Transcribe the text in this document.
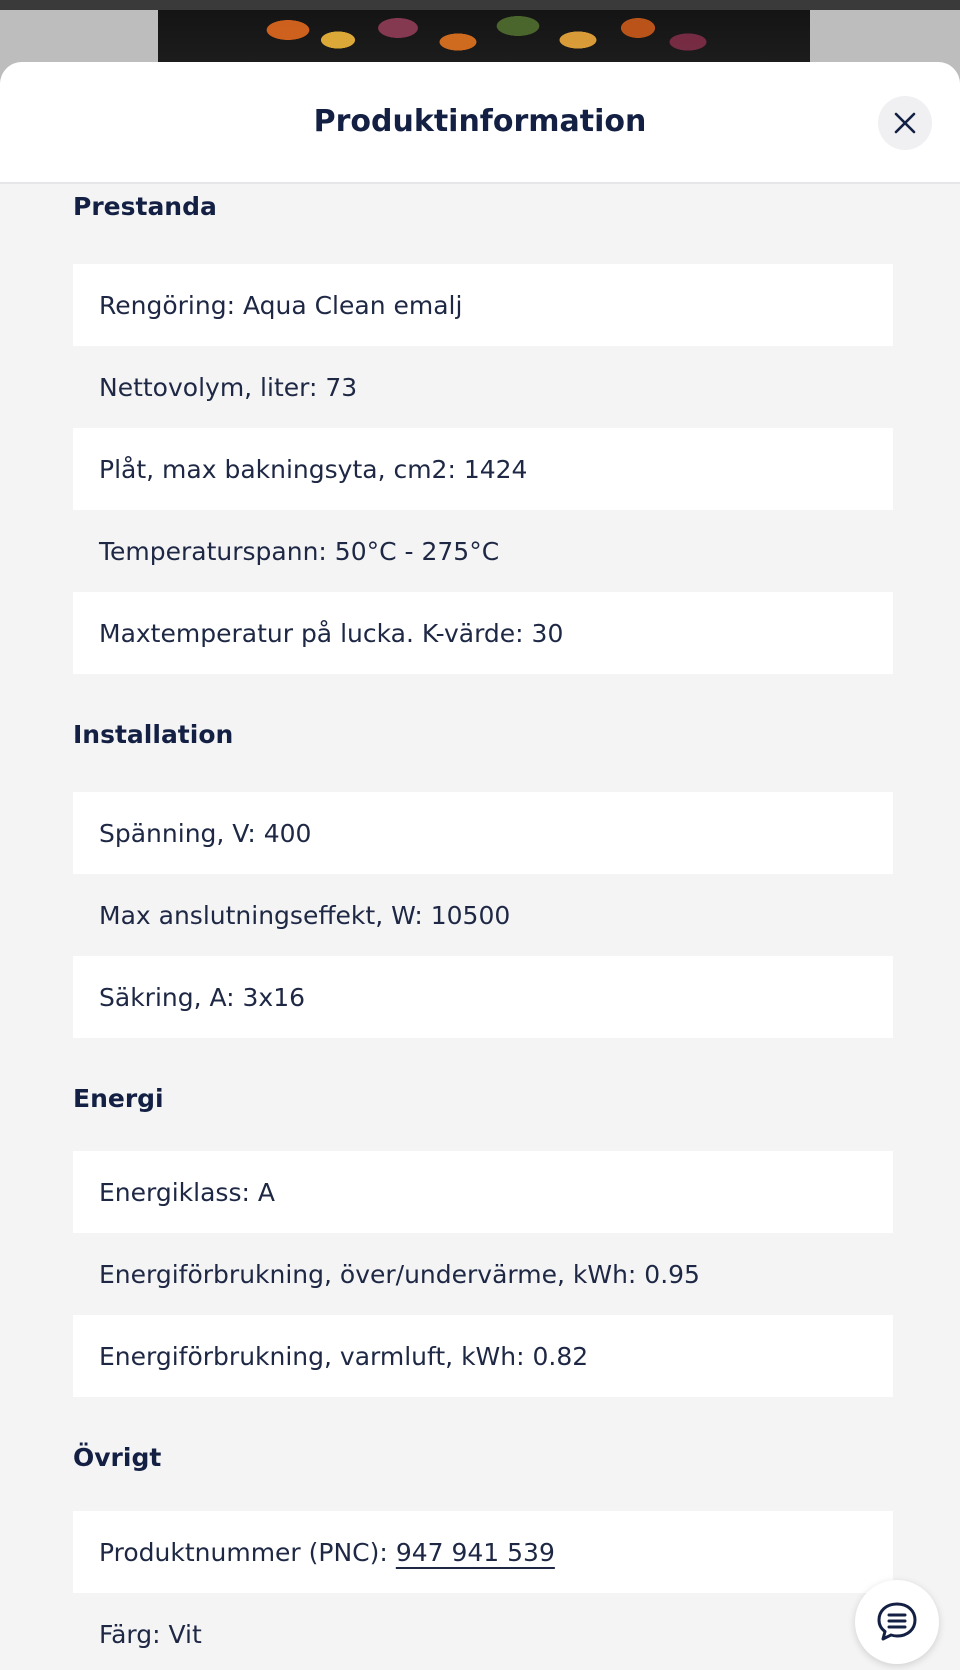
Produktinformation
Prestanda
Rengöring: Aqua Clean emalj
Nettovolym, liter: 73
Plåt, max bakningsyta, cm2: 1424
Temperaturspann: 50°C - 275°C
Maxtemperatur på lucka. K-värde: 30
Installation
Spänning, V: 400
Max anslutningseffekt, W: 10500
Säkring, A: 3x16
Energi
Energiklass: A
Energiförbrukning, över/undervärme, kWh: 0.95
Energiförbrukning, varmluft, kWh: 0.82
Övrigt
Produktnummer (PNC): 947 941 539
Färg: Vit
